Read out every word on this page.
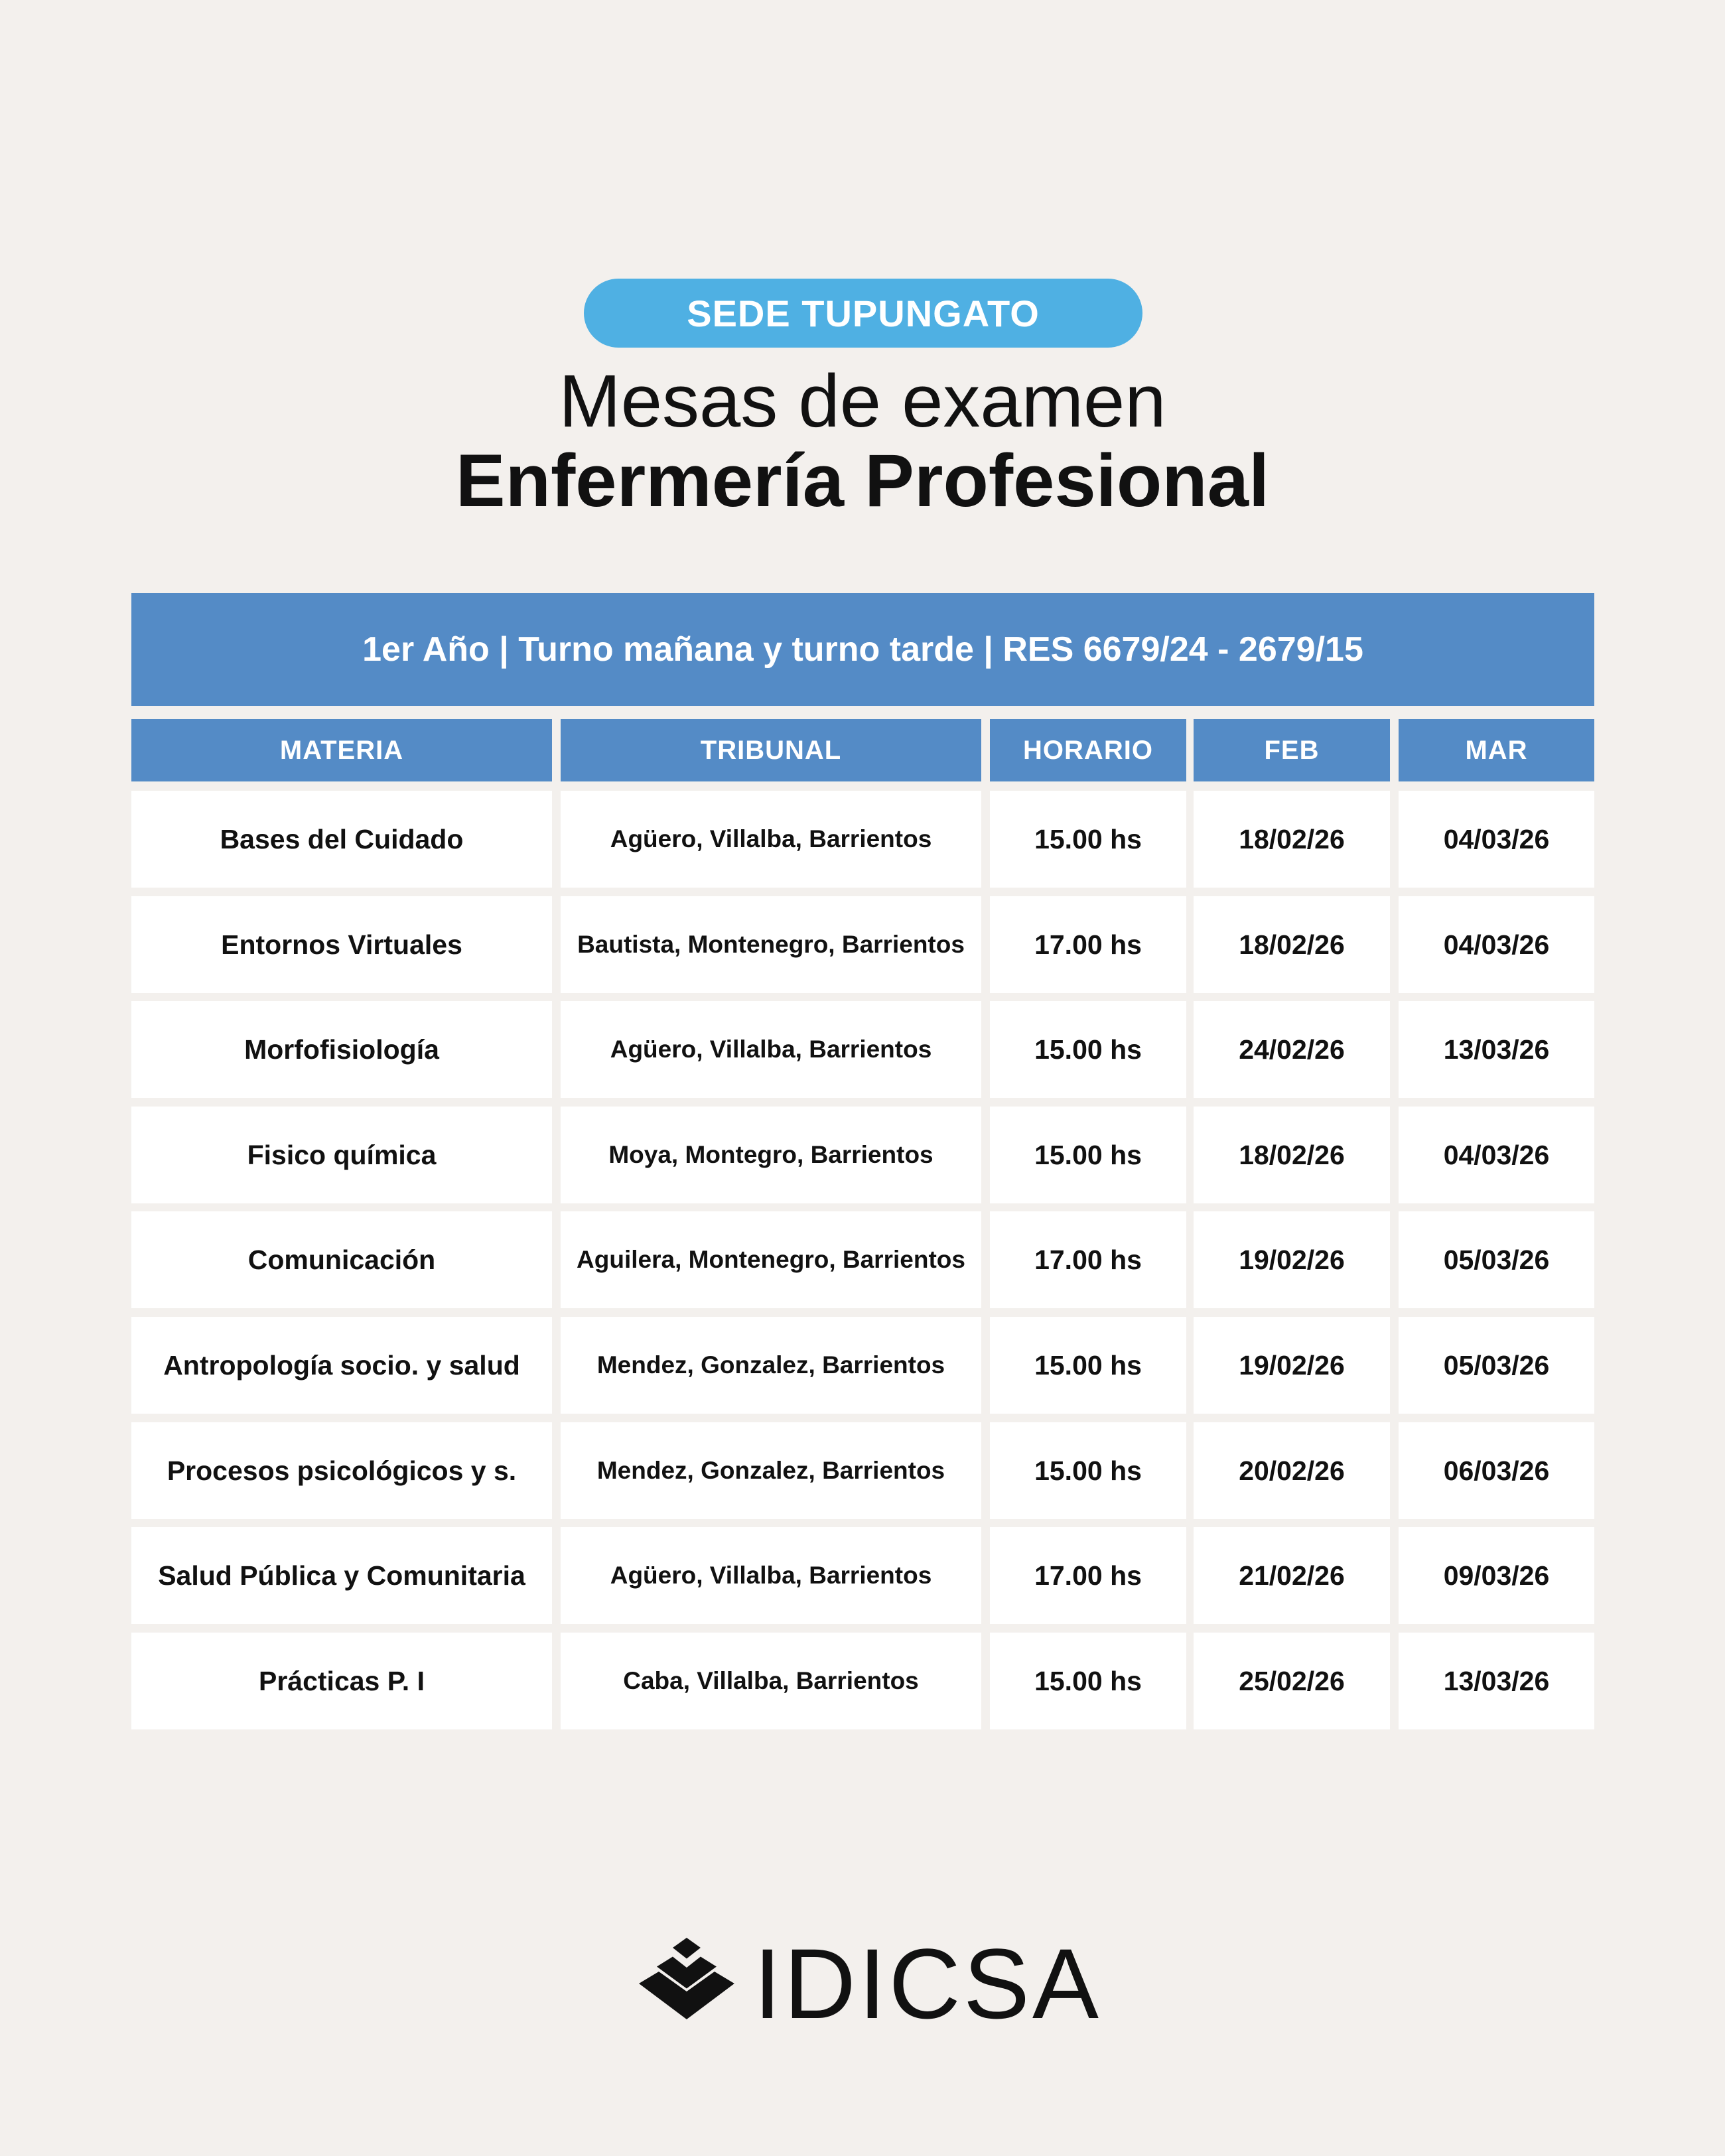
SEDE TUPUNGATO
Mesas de examen
Enfermería Profesional
1er Año | Turno mañana y turno tarde | RES 6679/24 - 2679/15
MATERIA	TRIBUNAL	HORARIO	FEB	MAR
Bases del Cuidado	Agüero, Villalba, Barrientos	15.00 hs	18/02/26	04/03/26
Entornos Virtuales	Bautista, Montenegro, Barrientos	17.00 hs	18/02/26	04/03/26
Morfofisiología	Agüero, Villalba, Barrientos	15.00 hs	24/02/26	13/03/26
Fisico química	Moya, Montegro, Barrientos	15.00 hs	18/02/26	04/03/26
Comunicación	Aguilera, Montenegro, Barrientos	17.00 hs	19/02/26	05/03/26
Antropología socio. y salud	Mendez, Gonzalez, Barrientos	15.00 hs	19/02/26	05/03/26
Procesos psicológicos y s.	Mendez, Gonzalez, Barrientos	15.00 hs	20/02/26	06/03/26
Salud Pública y Comunitaria	Agüero, Villalba, Barrientos	17.00 hs	21/02/26	09/03/26
Prácticas P. I	Caba, Villalba, Barrientos	15.00 hs	25/02/26	13/03/26
IDICSA
